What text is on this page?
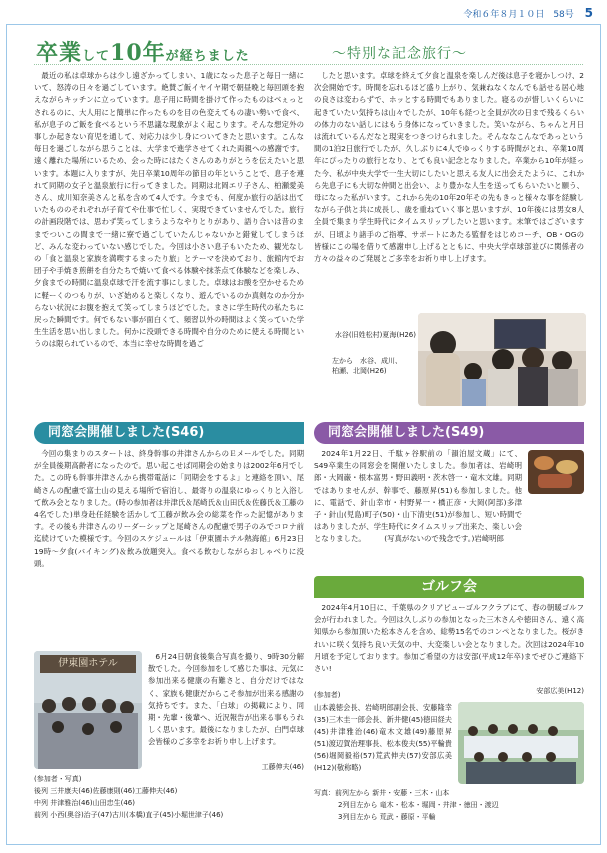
令和６年８月１０日 58号 5
卒業して10年が経ちました	～特別な記念旅行～

最近の私は卓球からは少し遠ざかってしまい、1歳になった息子と毎日一緒にいて、怒涛の日々を過ごしています。絶賛ご飯イヤイヤ期で朝昼晩と毎回頭を抱えながらキッチンに立っています。息子用に時間を掛けて作ったものはべぇっとされるのに、大人用にと簡単に作ったものを目の色変えてもの凄い勢いで食べ、私が息子のご飯を食べるという不思議な現象がよく起こります。そんな想定外の事しか起きない育児を通して、対応力は少し身についてきたと思います。こんな毎日を過ごしながら思うことは、大学まで進学させてくれた両親への感謝です。遠く離れた場所にいるため、会った時にはたくさんのありがとうを伝えたいと思います。本題に入りますが、先日卒業10周年の節目の年ということで、息子を連れて同期の女子と温泉旅行に行ってきました。同期は北岡エリ子さん、柏瀬愛美さん、成川知奈美さんと私を含めて4人です。今までも、何度か旅行の話は出ていたもののそれぞれが子育てや仕事で忙しく、実現できていませんでした。旅行の計画段階では、思わず笑ってしまうようなやりとりがあり、語り合いは昔のままでついこの間まで一緒に寮で過ごしていたんじゃないかと錯覚してしまうほど、みんな変わっていない感じでした。今回は小さい息子もいたため、観光なしの「食と温泉と家族を満喫するまったり旅」とテーマを決めており、旅館内でお団子や手焼き煎餅を自分たちで焼いて食べる体験や抹茶点て体験などを楽しみ、夕食までの時間に温泉卓球で汗を流す事にしました。卓球はお酸を空かせるために軽ーくのつもりが、いざ始めると楽しくなり、遊んでいるのか真剣なのか分からない状況にお腹を抱えて笑ってしまうほどでした。まさに学生時代の私たちに戻った瞬間です。何でもない事が面白くて、頻習以外の時間はよく笑っていた学生生活を思い出しました。何かに没頭できる時間や自分のために使える時間というのは限られているので、本当に幸せな時間を過ご

したと思います。卓球を終えて夕食と温泉を楽しんだ後は息子を寝かしつけ、2次会開始です。時間を忘れるほど盛り上がり、気兼ねなくなんでも話せる居心地の良さは変わらずで、ホッとする時間でもありました。寝るのが惜しいくらいに起きていたい気持ちは山々でしたが、10年も経つと全員が次の日まで残るくらいの体力のない話しにはもう身体になっていきました。笑いながら、ちゃんと月日は流れているんだなと現実をつきつけられました。そんななこんなであっという間の1泊2日旅行でしたが、久しぶりに4人でゆっくりする時間がとれ、卒業10周年にぴったりの旅行となり、とても良い記念となりました。卒業から10年が経った今、私が中央大学で一生大切にしたいと思える友人に出会えたように、これから先息子にも大切な仲間と出会い、より豊かな人生を送ってもらいたいと願う、母になった私がいます。これから先の10年20年その先もきっと様々な事を経験しながら子供と共に成長し、歳を重ねていく事と思いますが、10年後には男女8人全員で集まり学生時代にタイムスリップしたいと思います。末筆ではございますが、日頃より諸手のご指導、サポートにあたる監督をはじめコーチ、OB・OGの皆様にこの場を借りて感謝申し上げるとともに、中央大学卓球部並びに関係者の方々の益々のご発展とご多幸をお祈り申し上げます。

水谷(旧姓松村)夏海(H26)
左から　水谷、成川、
柏瀬、北岡(H26)
同窓会開催しました(S46)

今回の集まりのスタートは、終身幹事の井津さんからのＥメールでした。同期が全員後期高齢者になったので。思い起こせば同期会の始まりは2002年6月でした。この時も幹事井津さんから携帯電話に「同期会をするよ」と連絡を頂い、尾崎さんの配慮で富士山の見える場所で宿泊し、最寄りの温泉にゆっくりと入浴して飲み会となりました。(時の参加者は井津氏＆尾崎氏＆山田氏＆佐藤氏＆工藤の4名でした)単身赴任経験を活かして工藤が飲み会の総菜を作った記憶があります。その後も井津さんのリーダーシップと尾崎さんの配慮で男子のみでコロナ前迄続けていた模様です。今回のスケジュールは「伊東園ホテル熱海館」6月23日19時～夕食(バイキング)＆飲み放題突入。食べる飲むしながらおしゃべりに没頭。

伊東園ホテル

6月24日朝食後集合写真を撮り、9時30分解散でした。今回参加をして感じた事は、元気に参加出来る健康の有難さと、自分だけではなく、家族も健康だからこそ参加が出来る感謝の気持ちです。また、「白球」の掲載により、同期・先輩・後輩へ、近況報告が出来る事もうれしく思います。最後になりましたが、白門卓球会皆様のご多幸をお祈り申し上げます。

工藤伸夫(46)
(参加者・写真)
後列 三井康夫(46)佐藤康則(46)工藤伸夫(46)
中列 井津雅治(46)山田忠生(46)
前列 小西(奥谷)治子(47)古川(本橋)直子(45)小堀世津子(46)
同窓会開催しました(S49)

2024年1月22日、千駄ヶ谷駅前の「韻泊屋文蔵」にて、S49卒業生の同窓会を開催いたしました。参加者は、岩崎明郎・大岡巌・根本富男・野田義明・茨木啓一・竜木文雄。同期ではありませんが、幹事で、藤原昇(51)も参加しました。他に、電話で、針山幸市・村野昇一・橋正彦・大岡(阿部)多津子・針山(児島)町子(50)・山下清史(51)が参加し、短い時間ではありましたが、学生時代にタイムスリップ出来た、楽しい会となりました。　　　(写真がないので残念です。)岩崎明郎

ゴルフ会

2024年4月10日に、千葉県のクリアビューゴルフクラブにて、春の朝暖ゴルフ会が行われました。今回は久しぶりの参加となった三木さんや徳田さん、遠く高知県から参加頂いた松本さんを含め、総勢15名でのコンペとなりました。桜がきれいに咲く気持ち良い天気の中、大変楽しい会となりました。次回は2024年10月頃を予定しております。参加ご希望の方は安部(平成12年卒)までぜひご連絡下さい!

安部広美(H12)
(参加者)

山本義徳会長、岩崎明郎副会長、安藤隆幸(35)三木圭一郎会長、新井健(45)徳田経夫(45)井津雅治(46)竜木文雄(49)藤原昇(51)渡辺賀治理事長、松本俊夫(55)平輪貴(56)堀岡毅裕(57)荒武伸夫(57)安部広美(H12)(敬称略)

写真：前列左から 新井・安藤・三木・山本
2列目左から 竜木・松本・堀岡・井津・徳田・渡辺
3列目左から 荒武・藤原・平輪
